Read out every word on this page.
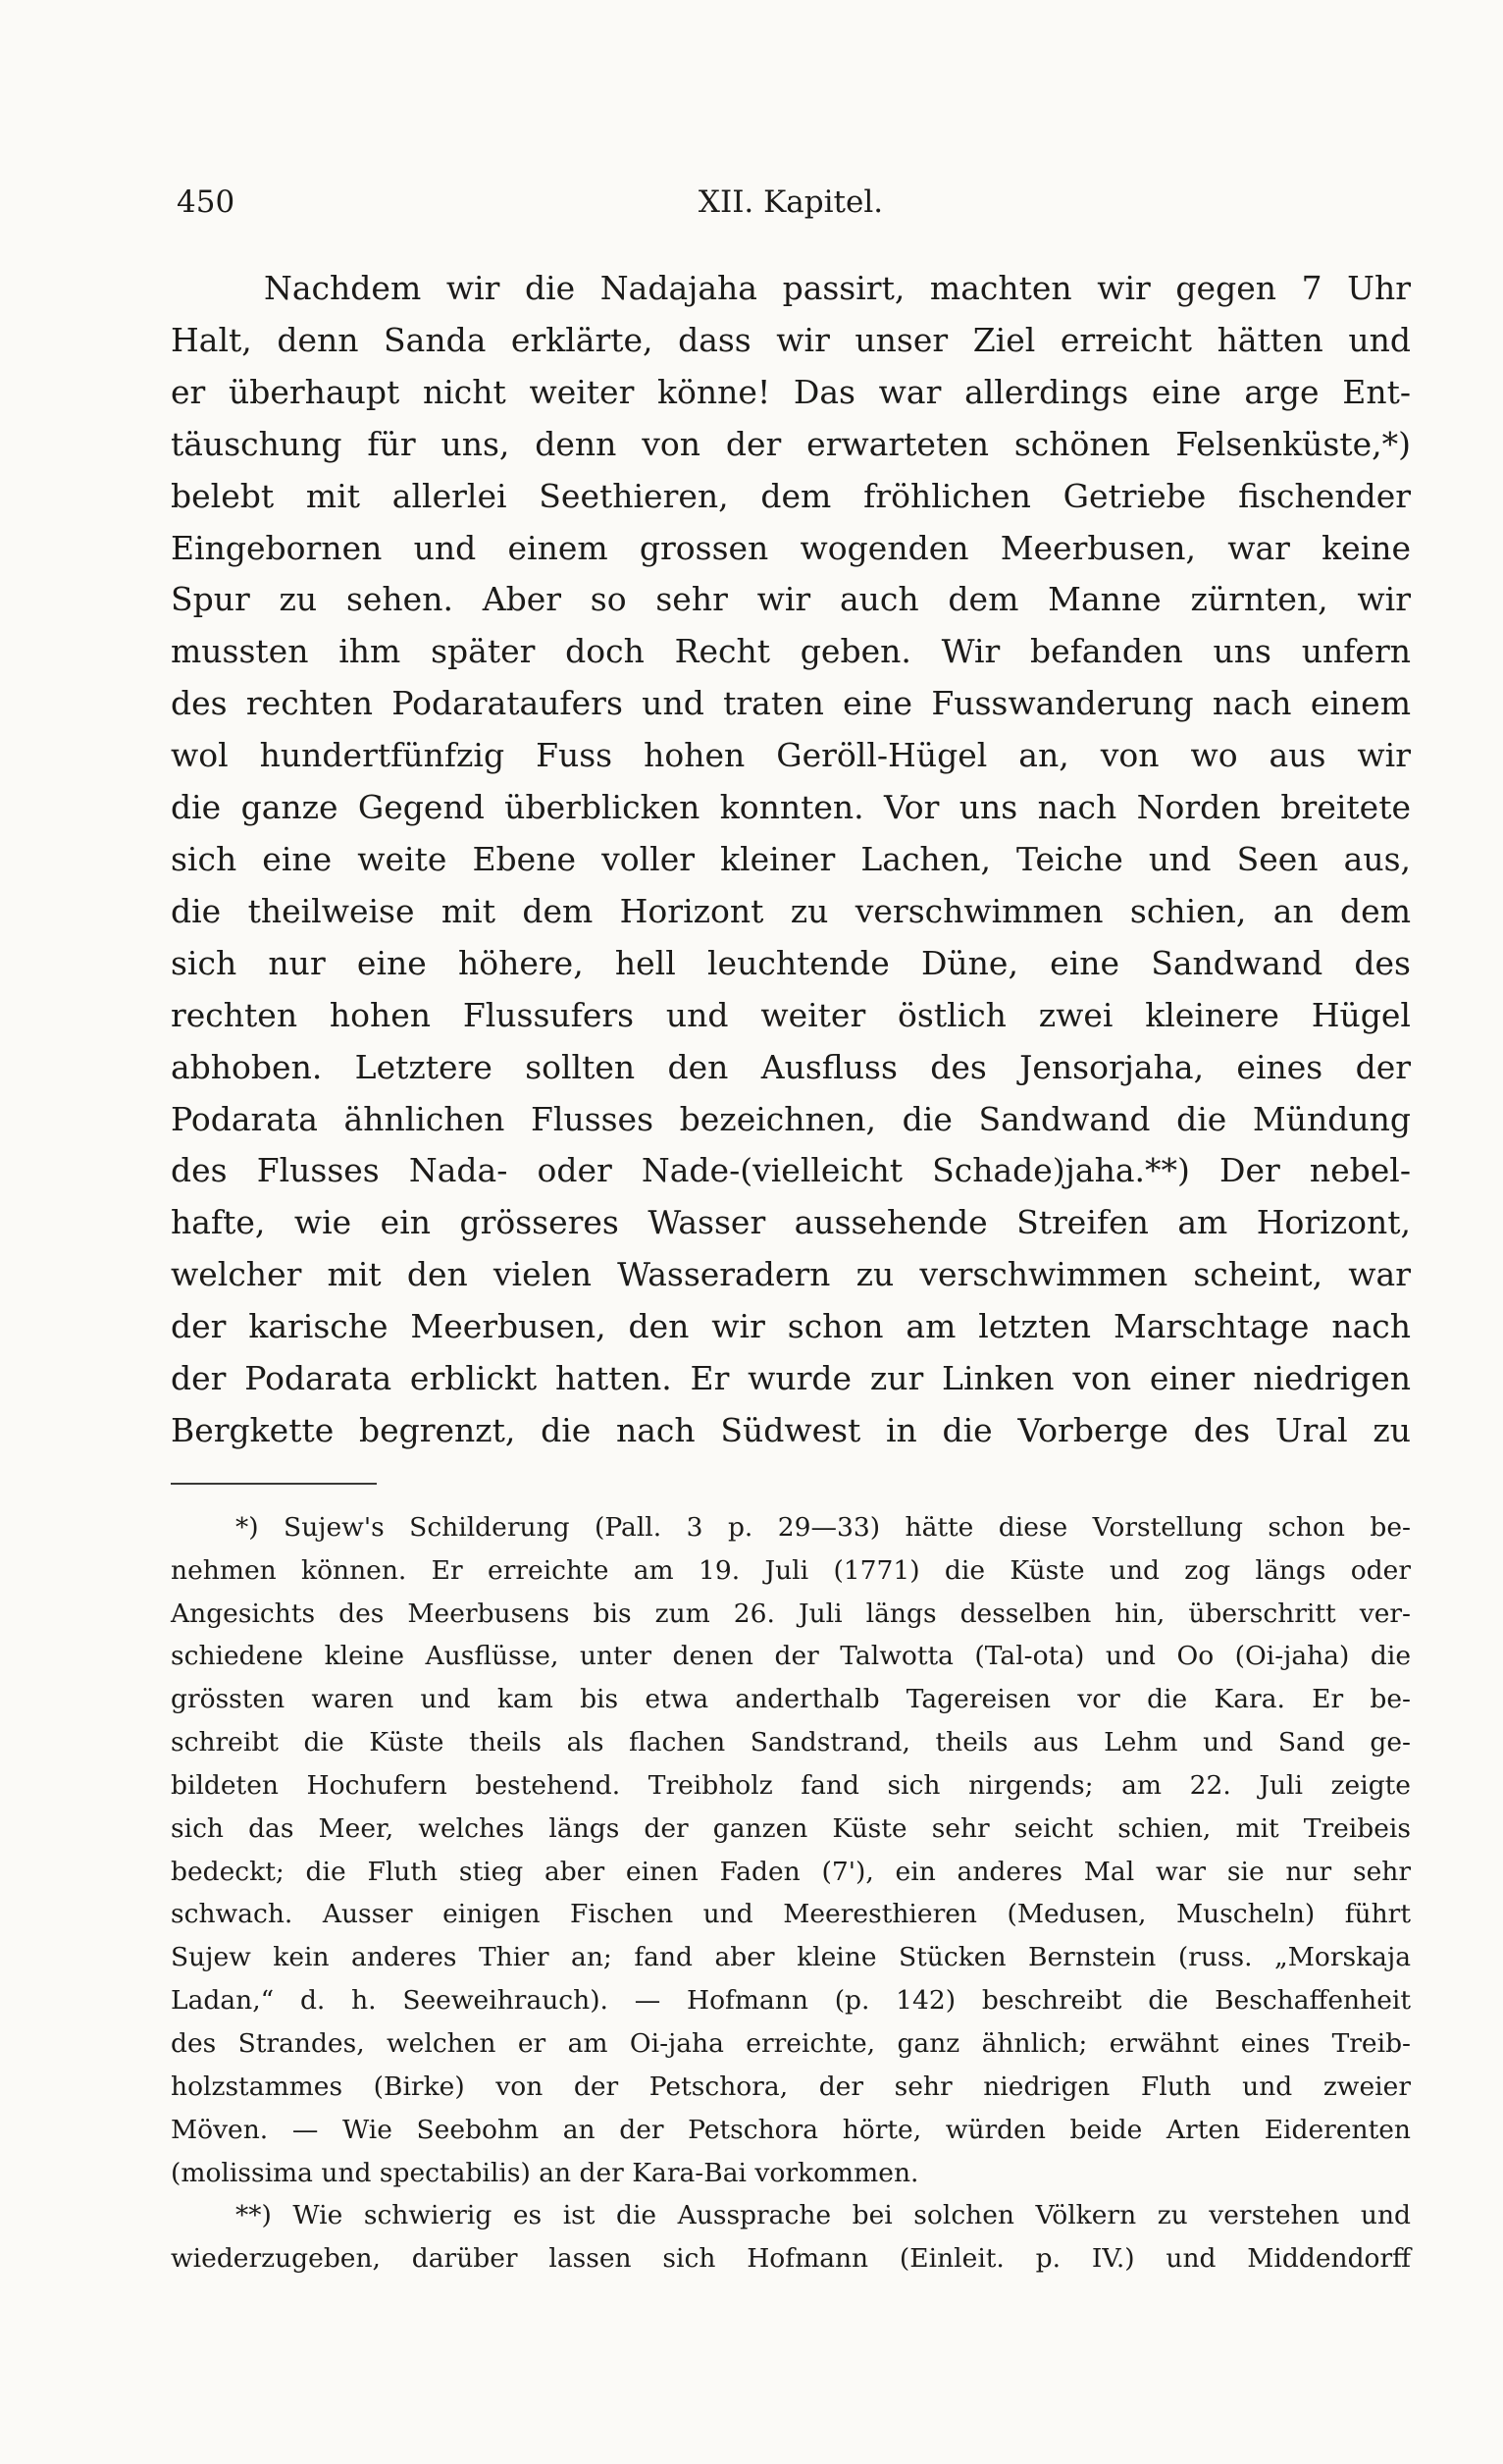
450	XII. Kapitel.
Nachdem wir die Nadajaha passirt, machten wir gegen 7 Uhr
Halt, denn Sanda erklärte, dass wir unser Ziel erreicht hätten und
er überhaupt nicht weiter könne! Das war allerdings eine arge Ent-
täuschung für uns, denn von der erwarteten schönen Felsenküste,*)
belebt mit allerlei Seethieren, dem fröhlichen Getriebe fischender
Eingebornen und einem grossen wogenden Meerbusen, war keine
Spur zu sehen. Aber so sehr wir auch dem Manne zürnten, wir
mussten ihm später doch Recht geben. Wir befanden uns unfern
des rechten Podarataufers und traten eine Fusswanderung nach einem
wol hundertfünfzig Fuss hohen Geröll-Hügel an, von wo aus wir
die ganze Gegend überblicken konnten. Vor uns nach Norden breitete
sich eine weite Ebene voller kleiner Lachen, Teiche und Seen aus,
die theilweise mit dem Horizont zu verschwimmen schien, an dem
sich nur eine höhere, hell leuchtende Düne, eine Sandwand des
rechten hohen Flussufers und weiter östlich zwei kleinere Hügel
abhoben. Letztere sollten den Ausfluss des Jensorjaha, eines der
Podarata ähnlichen Flusses bezeichnen, die Sandwand die Mündung
des Flusses Nada- oder Nade-(vielleicht Schade)jaha.**) Der nebel-
hafte, wie ein grösseres Wasser aussehende Streifen am Horizont,
welcher mit den vielen Wasseradern zu verschwimmen scheint, war
der karische Meerbusen, den wir schon am letzten Marschtage nach
der Podarata erblickt hatten. Er wurde zur Linken von einer niedrigen
Bergkette begrenzt, die nach Südwest in die Vorberge des Ural zu
*) Sujew's Schilderung (Pall. 3 p. 29—33) hätte diese Vorstellung schon be-
nehmen können. Er erreichte am 19. Juli (1771) die Küste und zog längs oder
Angesichts des Meerbusens bis zum 26. Juli längs desselben hin, überschritt ver-
schiedene kleine Ausflüsse, unter denen der Talwotta (Tal-ota) und Oo (Oi-jaha) die
grössten waren und kam bis etwa anderthalb Tagereisen vor die Kara. Er be-
schreibt die Küste theils als flachen Sandstrand, theils aus Lehm und Sand ge-
bildeten Hochufern bestehend. Treibholz fand sich nirgends; am 22. Juli zeigte
sich das Meer, welches längs der ganzen Küste sehr seicht schien, mit Treibeis
bedeckt; die Fluth stieg aber einen Faden (7'), ein anderes Mal war sie nur sehr
schwach. Ausser einigen Fischen und Meeresthieren (Medusen, Muscheln) führt
Sujew kein anderes Thier an; fand aber kleine Stücken Bernstein (russ. „Morskaja
Ladan,“ d. h. Seeweihrauch). — Hofmann (p. 142) beschreibt die Beschaffenheit
des Strandes, welchen er am Oi-jaha erreichte, ganz ähnlich; erwähnt eines Treib-
holzstammes (Birke) von der Petschora, der sehr niedrigen Fluth und zweier
Möven. — Wie Seebohm an der Petschora hörte, würden beide Arten Eiderenten
(molissima und spectabilis) an der Kara-Bai vorkommen.
**) Wie schwierig es ist die Aussprache bei solchen Völkern zu verstehen und
wiederzugeben, darüber lassen sich Hofmann (Einleit. p. IV.) und Middendorff
